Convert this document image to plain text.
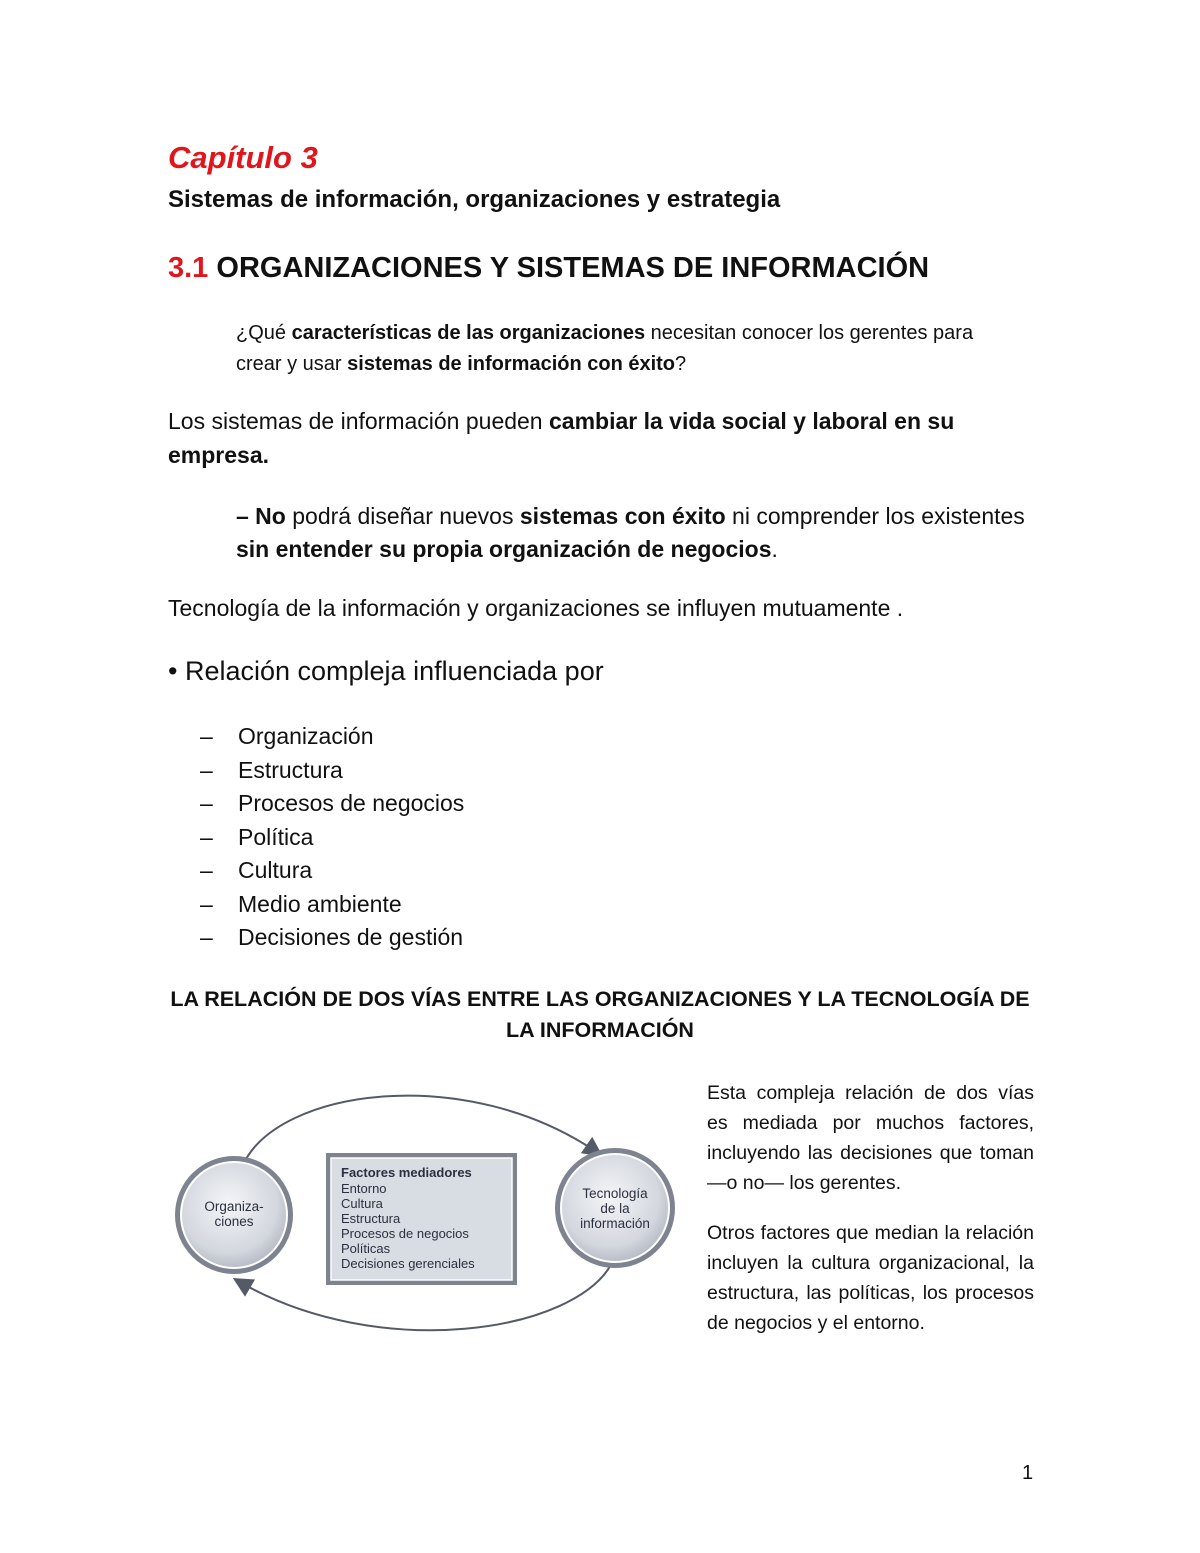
Capítulo 3

Sistemas de información, organizaciones y estrategia

3.1 ORGANIZACIONES Y SISTEMAS DE INFORMACIÓN

¿Qué características de las organizaciones necesitan conocer los gerentes para crear y usar sistemas de información con éxito?

Los sistemas de información pueden cambiar la vida social y laboral en su empresa.

– No podrá diseñar nuevos sistemas con éxito ni comprender los existentes sin entender su propia organización de negocios.

Tecnología de la información y organizaciones se influyen mutuamente .

• Relación compleja influenciada por

– Organización
– Estructura
– Procesos de negocios
– Política
– Cultura
– Medio ambiente
– Decisiones de gestión

LA RELACIÓN DE DOS VÍAS ENTRE LAS ORGANIZACIONES Y LA TECNOLOGÍA DE LA INFORMACIÓN

Organiza-
ciones
Tecnología
de la
información
Factores mediadores
Entorno
Cultura
Estructura
Procesos de negocios
Políticas
Decisiones gerenciales

Esta compleja relación de dos vías es mediada por muchos factores, incluyendo las decisiones que toman —o no— los gerentes.

Otros factores que median la relación incluyen la cultura organizacional, la estructura, las políticas, los procesos de negocios y el entorno.

1
